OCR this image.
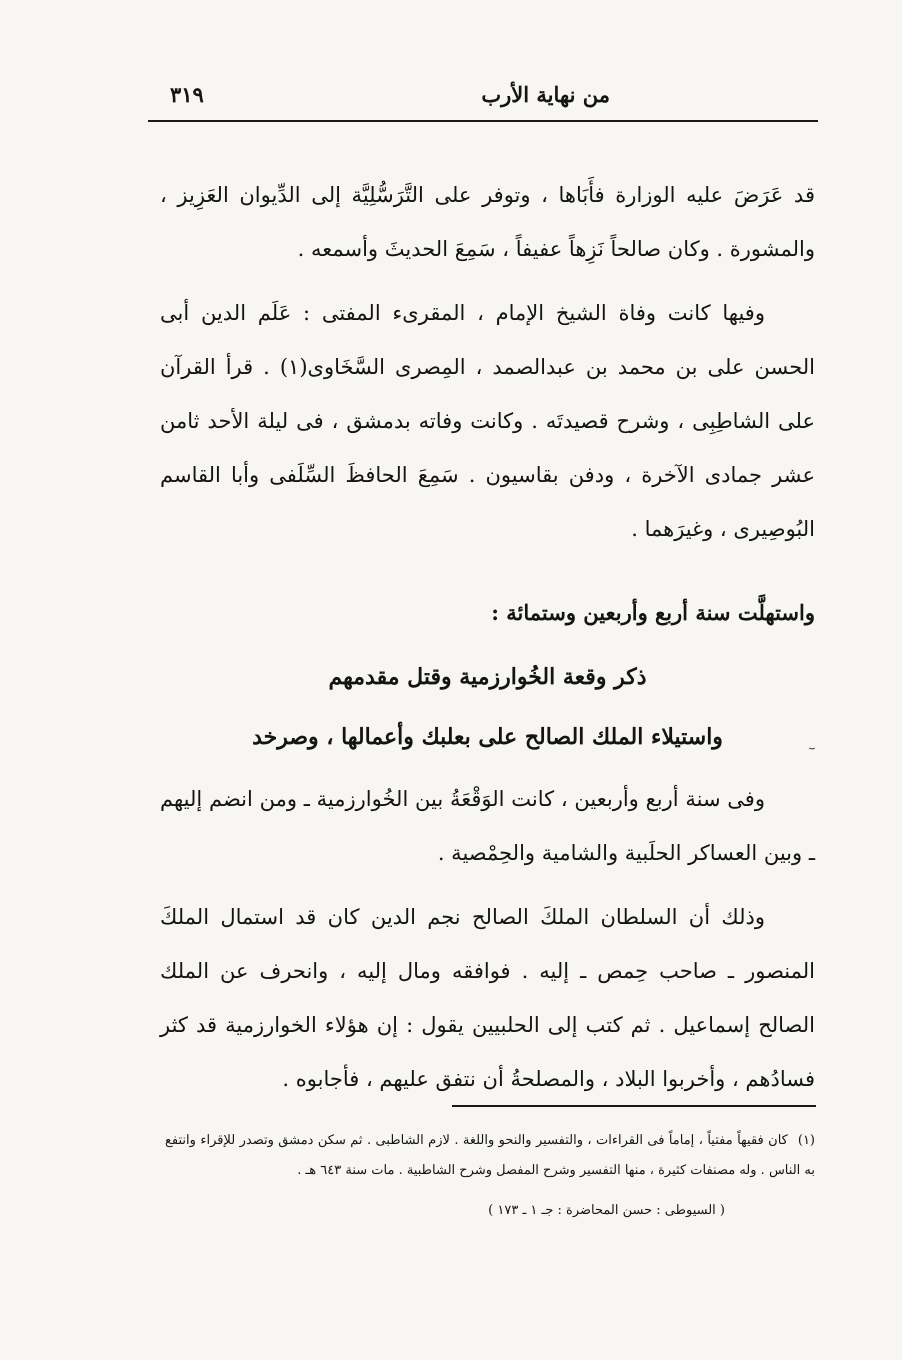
من نهاية الأرب
٣١٩

قد عَرَضَ عليه الوزارة فأَبَاها ، وتوفر على التَّرَسُّلِيَّة إلى الدِّيوان العَزِيز ، والمشورة . وكان صالحاً نَزِهاً عفيفاً ، سَمِعَ الحديثَ وأسمعه .

وفيها كانت وفاة الشيخ الإمام ، المقرىء المفتى : عَلَم الدين أبى الحسن على بن محمد بن عبدالصمد ، المِصرى السَّخَاوى(١) . قرأ القرآن على الشاطِبِى ، وشرح قصيدتَه . وكانت وفاته بدمشق ، فى ليلة الأحد ثامن عشر جمادى الآخرة ، ودفن بقاسيون . سَمِعَ الحافظَ السِّلَفى وأبا القاسم البُوصِيرى ، وغيرَهما .

واستهلَّت سنة أربع وأربعين وستمائة :

ذكر وقعة الخُوارزمية وقتل مقدمهم

واستيلاء الملك الصالح على بعلبك وأعمالها ، وصرخد

وفى سنة أربع وأربعين ، كانت الوَقْعَةُ بين الخُوارزمية ـ ومن انضم إليهم ـ وبين العساكر الحلَبية والشامية والحِمْصية .

وذلك أن السلطان الملكَ الصالح نجم الدين كان قد استمال الملكَ المنصور ـ صاحب حِمص ـ إليه . فوافقه ومال إليه ، وانحرف عن الملك الصالح إسماعيل . ثم كتب إلى الحلبيين يقول : إن هؤلاء الخوارزمية قد كثر فسادُهم ، وأخربوا البلاد ، والمصلحةُ أن نتفق عليهم ، فأجابوه .

(١)كان فقيهاً مفتياً ، إماماً فى القراءات ، والتفسير والنحو واللغة . لازم الشاطبى . ثم سكن دمشق وتصدر للإقراء وانتفع به الناس . وله مصنفات كثيرة ، منها التفسير وشرح المفصل وشرح الشاطبية . مات سنة ٦٤٣ هـ .

( السيوطى : حسن المحاضرة : جـ ١ ـ ١٧٣ )
